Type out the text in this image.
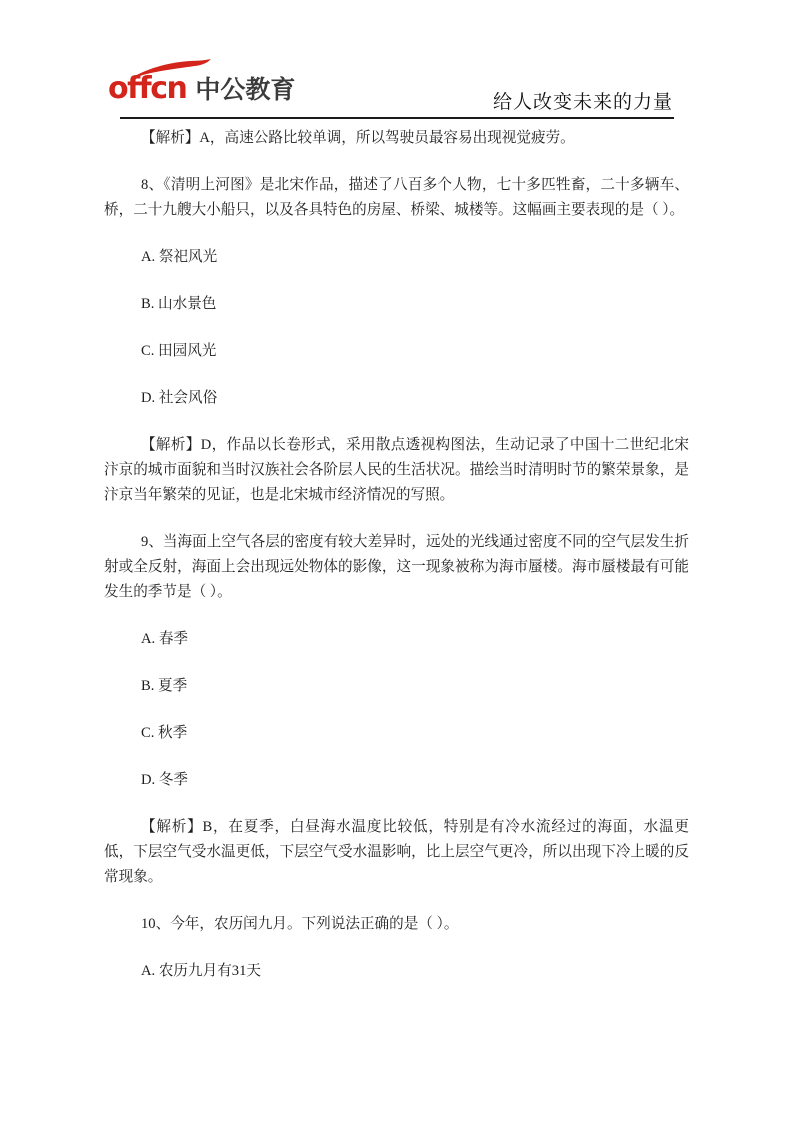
offcn 中公教育	给人改变未来的力量

【解析】A，高速公路比较单调，所以驾驶员最容易出现视觉疲劳。

8、《清明上河图》是北宋作品，描述了八百多个人物，七十多匹牲畜，二十多辆车、桥，二十九艘大小船只，以及各具特色的房屋、桥梁、城楼等。这幅画主要表现的是（ ）。

A. 祭祀风光

B. 山水景色

C. 田园风光

D. 社会风俗

【解析】D，作品以长卷形式，采用散点透视构图法，生动记录了中国十二世纪北宋汴京的城市面貌和当时汉族社会各阶层人民的生活状况。描绘当时清明时节的繁荣景象，是汴京当年繁荣的见证，也是北宋城市经济情况的写照。

9、当海面上空气各层的密度有较大差异时，远处的光线通过密度不同的空气层发生折射或全反射，海面上会出现远处物体的影像，这一现象被称为海市蜃楼。海市蜃楼最有可能发生的季节是（ ）。

A. 春季

B. 夏季

C. 秋季

D. 冬季

【解析】B，在夏季，白昼海水温度比较低，特别是有冷水流经过的海面，水温更低，下层空气受水温更低，下层空气受水温影响，比上层空气更冷，所以出现下冷上暖的反常现象。

10、今年，农历闰九月。下列说法正确的是（ ）。

A. 农历九月有31天
